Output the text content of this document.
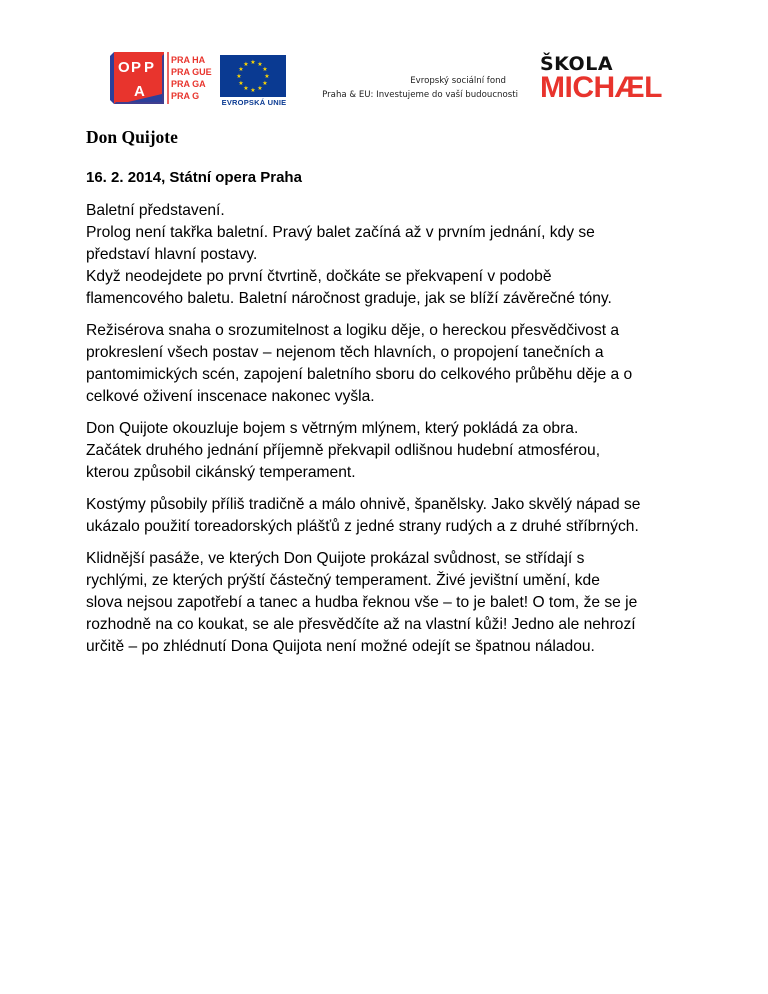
O P P
A
PRA HA
PRA GUE
PRA GA
PRA G
★ ★
★
★
★
★
★
★
★
★
★
★
EVROPSKÁ UNIE
Evropský sociální fond
Praha & EU: Investujeme do vaší budoucnosti
ŠKOLA
MICHÆL
Don Quijote

16. 2. 2014, Státní opera Praha

Baletní představení.
Prolog není takřka baletní. Pravý balet začíná až v prvním jednání, kdy se
představí hlavní postavy.
Když neodejdete po první čtvrtině, dočkáte se překvapení v podobě
flamencového baletu. Baletní náročnost graduje, jak se blíží závěrečné tóny.

Režisérova snaha o srozumitelnost a logiku děje, o hereckou přesvědčivost a
prokreslení všech postav – nejenom těch hlavních, o propojení tanečních a
pantomimických scén, zapojení baletního sboru do celkového průběhu děje a o
celkové oživení inscenace nakonec vyšla.

Don Quijote okouzluje bojem s větrným mlýnem, který pokládá za obra.
Začátek druhého jednání příjemně překvapil odlišnou hudební atmosférou,
kterou způsobil cikánský temperament.

Kostýmy působily příliš tradičně a málo ohnivě, španělsky. Jako skvělý nápad se
ukázalo použití toreadorských plášťů z jedné strany rudých a z druhé stříbrných.

Klidnější pasáže, ve kterých Don Quijote prokázal svůdnost, se střídají s
rychlými, ze kterých prýští částečný temperament. Živé jevištní umění, kde
slova nejsou zapotřebí a tanec a hudba řeknou vše – to je balet! O tom, že se je
rozhodně na co koukat, se ale přesvědčíte až na vlastní kůži! Jedno ale nehrozí
určitě – po zhlédnutí Dona Quijota není možné odejít se špatnou náladou.
